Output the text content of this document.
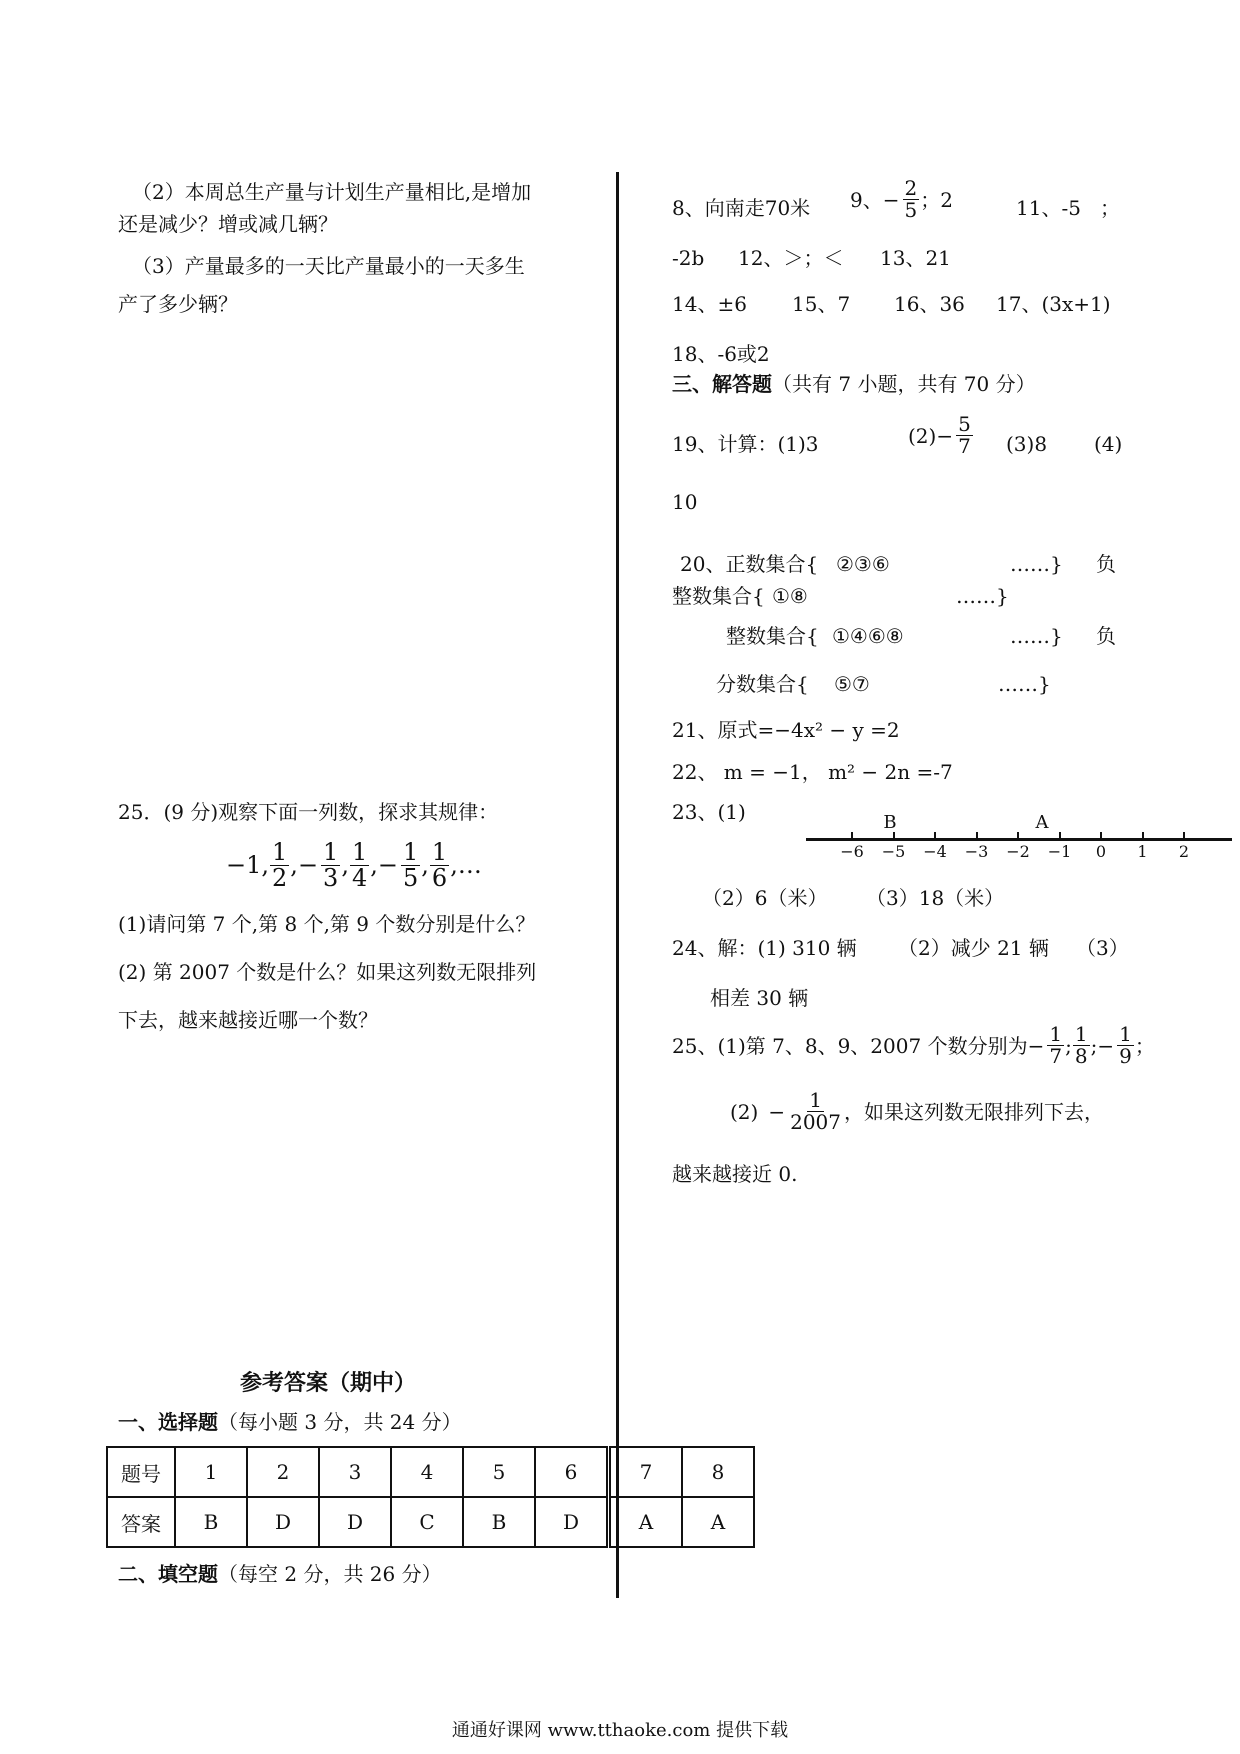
（2）本周总生产量与计划生产量相比,是增加
还是减少？增或减几辆？
（3）产量最多的一天比产量最小的一天多生
产了多少辆？
25．(9 分)观察下面一列数，探求其规律：
−1, $\frac{1}{2}$ , − $\frac{1}{3}$ , $\frac{1}{4}$ , − $\frac{1}{5}$ , $\frac{1}{6}$ , …
(1)请问第 7 个,第 8 个,第 9 个数分别是什么？
(2) 第 2007 个数是什么？如果这列数无限排列
下去，越来越接近哪一个数？
参考答案（期中）
一、选择题（每小题 3 分，共 24 分）
题号	1	2	3	4	5	6	7	8
答案	B	D	D	C	B	D	A	A
二、填空题（每空 2 分，共 26 分）
8、向南走70米 9、 − $\frac{2}{5}$ ；2	11、-5 ；
-2b 12、＞；＜ 13、21
14、±6 15、7 16、36 17、(3x+1)
18、-6或2
三、解答题（共有 7 小题，共有 70 分）
19、计算：(1)3	$(2) - \frac{5}{7} (3)8$ (4)
10
20、正数集合{ ②③⑥	……} 负
整数集合{ ①⑧	……}
整数集合{ ①④⑥⑧	……} 负
分数集合{ ⑤⑦	……}
21、原式=−4x² − y =2
22、 m = −1， m² − 2n =-7
23、(1)
−6 −5 −4 −3 −2 −1 0 1 2
B	A
（2）6（米） （3）18（米）
24、解：(1) 310 辆 （2）减少 21 辆 （3）
相差 30 辆
25、(1)第 7、8、9、2007 个数分别为 − $\frac{1}{7}$ ; $\frac{1}{8}$ ; − $\frac{1}{9}$ ；
$(2) - \frac{1}{2007}$ ，如果这列数无限排列下去，
越来越接近 0.
通通好课网 www.tthaoke.com 提供下载
